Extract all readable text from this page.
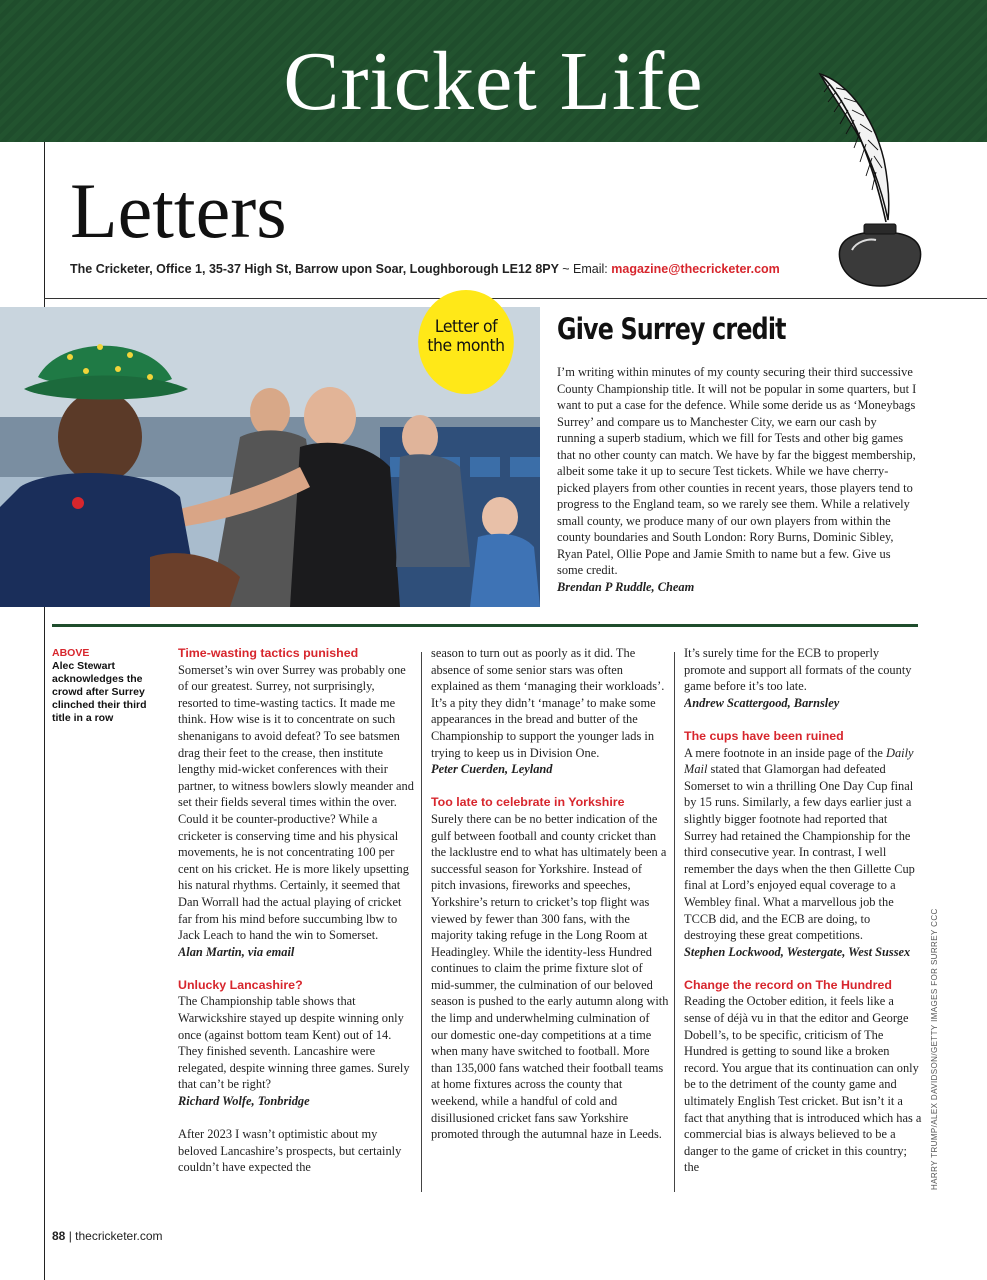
Cricket Life
Letters
The Cricketer, Office 1, 35-37 High St, Barrow upon Soar, Loughborough LE12 8PY ~ Email: magazine@thecricketer.com
Letter of
the month	Give Surrey credit
I’m writing within minutes of my county securing their third successive County Championship title. It will not be popular in some quarters, but I want to put a case for the defence. While some deride us as ‘Moneybags Surrey’ and compare us to Manchester City, we earn our cash by running a superb stadium, which we fill for Tests and other big games that no other county can match. We have by far the biggest membership, albeit some take it up to secure Test tickets. While we have cherry-picked players from other counties in recent years, those players tend to progress to the England team, so we rarely see them. While a relatively small county, we produce many of our own players from within the county boundaries and South London: Rory Burns, Dominic Sibley, Ryan Patel, Ollie Pope and Jamie Smith to name but a few. Give us some credit.
Brendan P Ruddle, Cheam
ABOVE
Alec Stewart acknowledges the crowd after Surrey clinched their third title in a row
Time-wasting tactics punished
Somerset’s win over Surrey was probably one of our greatest. Surrey, not surprisingly, resorted to time-wasting tactics. It made me think. How wise is it to concentrate on such shenanigans to avoid defeat? To see batsmen drag their feet to the crease, then institute lengthy mid-wicket conferences with their partner, to witness bowlers slowly meander and set their fields several times within the over. Could it be counter-productive? While a cricketer is conserving time and his physical movements, he is not concentrating 100 per cent on his cricket. He is more likely upsetting his natural rhythms. Certainly, it seemed that Dan Worrall had the actual playing of cricket far from his mind before succumbing lbw to Jack Leach to hand the win to Somerset.
Alan Martin, via email
Unlucky Lancashire?
The Championship table shows that Warwickshire stayed up despite winning only once (against bottom team Kent) out of 14. They finished seventh. Lancashire were relegated, despite winning three games. Surely that can’t be right?
Richard Wolfe, Tonbridge
After 2023 I wasn’t optimistic about my beloved Lancashire’s prospects, but certainly couldn’t have expected the
season to turn out as poorly as it did. The absence of some senior stars was often explained as them ‘managing their workloads’. It’s a pity they didn’t ‘manage’ to make some appearances in the bread and butter of the Championship to support the younger lads in trying to keep us in Division One.
Peter Cuerden, Leyland
Too late to celebrate in Yorkshire
Surely there can be no better indication of the gulf between football and county cricket than the lacklustre end to what has ultimately been a successful season for Yorkshire. Instead of pitch invasions, fireworks and speeches, Yorkshire’s return to cricket’s top flight was viewed by fewer than 300 fans, with the majority taking refuge in the Long Room at Headingley. While the identity-less Hundred continues to claim the prime fixture slot of mid-summer, the culmination of our beloved season is pushed to the early autumn along with the limp and underwhelming culmination of our domestic one-day competitions at a time when many have switched to football. More than 135,000 fans watched their football teams at home fixtures across the county that weekend, while a handful of cold and disillusioned cricket fans saw Yorkshire promoted through the autumnal haze in Leeds.
It’s surely time for the ECB to properly promote and support all formats of the county game before it’s too late.
Andrew Scattergood, Barnsley
The cups have been ruined
A mere footnote in an inside page of the Daily Mail stated that Glamorgan had defeated Somerset to win a thrilling One Day Cup final by 15 runs. Similarly, a few days earlier just a slightly bigger footnote had reported that Surrey had retained the Championship for the third consecutive year. In contrast, I well remember the days when the then Gillette Cup final at Lord’s enjoyed equal coverage to a Wembley final. What a marvellous job the TCCB did, and the ECB are doing, to destroying these great competitions.
Stephen Lockwood, Westergate, West Sussex
Change the record on The Hundred
Reading the October edition, it feels like a sense of déjà vu in that the editor and George Dobell’s, to be specific, criticism of The Hundred is getting to sound like a broken record. You argue that its continuation can only be to the detriment of the county game and ultimately English Test cricket. But isn’t it a fact that anything that is introduced which has a commercial bias is always believed to be a danger to the game of cricket in this country; the	HARRY TRUMP/ALEX DAVIDSON/GETTY IMAGES FOR SURREY CCC
88 | thecricketer.com
